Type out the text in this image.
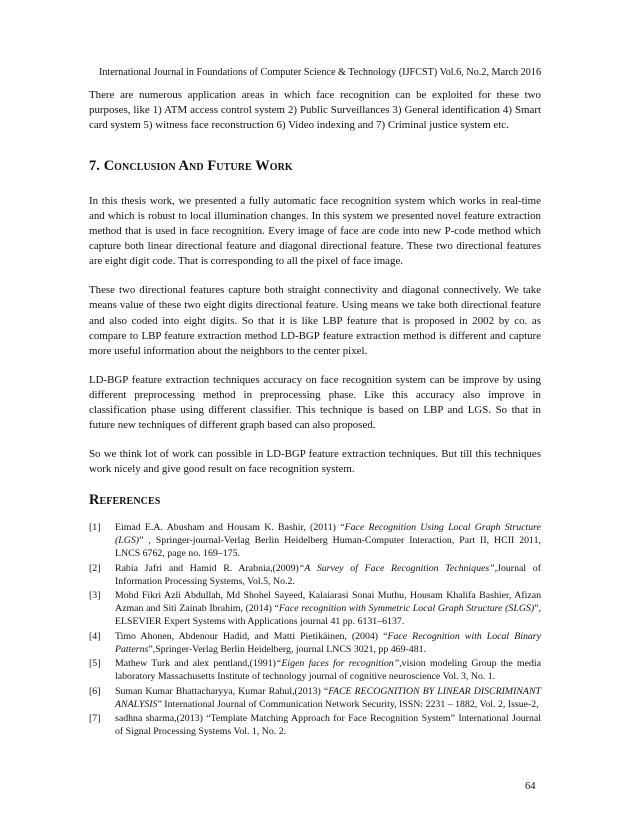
International Journal in Foundations of Computer Science & Technology (IJFCST) Vol.6, No.2, March 2016

There are numerous application areas in which face recognition can be exploited for these two purposes, like 1) ATM access control system 2) Public Surveillances 3) General identification 4) Smart card system 5) witness face reconstruction 6) Video indexing and 7) Criminal justice system etc.

7. Conclusion And Future Work

In this thesis work, we presented a fully automatic face recognition system which works in real-time and which is robust to local illumination changes. In this system we presented novel feature extraction method that is used in face recognition. Every image of face are code into new P-code method which capture both linear directional feature and diagonal directional feature. These two directional features are eight digit code. That is corresponding to all the pixel of face image.

These two directional features capture both straight connectivity and diagonal connectively. We take means value of these two eight digits directional feature. Using means we take both directional feature and also coded into eight digits. So that it is like LBP feature that is proposed in 2002 by co. as compare to LBP feature extraction method LD-BGP feature extraction method is different and capture more useful information about the neighbors to the center pixel.

LD-BGP feature extraction techniques accuracy on face recognition system can be improve by using different preprocessing method in preprocessing phase. Like this accuracy also improve in classification phase using different classifier. This technique is based on LBP and LGS. So that in future new techniques of different graph based can also proposed.

So we think lot of work can possible in LD-BGP feature extraction techniques. But till this techniques work nicely and give good result on face recognition system.

References
[1] Eimad E.A. Abusham and Housam K. Bashir, (2011) “Face Recognition Using Local Graph Structure (LGS)” , Springer-journal-Verlag Berlin Heidelberg Human-Computer Interaction, Part II, HCII 2011, LNCS 6762, page no. 169–175.
[2] Rabia Jafri and Hamid R. Arabnia,(2009)“A Survey of Face Recognition Techniques”,Journal of Information Processing Systems, Vol.5, No.2.
[3] Mohd Fikri Azli Abdullah, Md Shohel Sayeed, Kalaiarasi Sonai Muthu, Housam Khalifa Bashier, Afizan Azman and Siti Zainab Ibrahim, (2014) “Face recognition with Symmetric Local Graph Structure (SLGS)”, ELSEVIER Expert Systems with Applications journal 41 pp. 6131–6137.
[4] Timo Ahonen, Abdenour Hadid, and Matti Pietikäinen, (2004) “Face Recognition with Local Binary Patterns”,Springer-Verlag Berlin Heidelberg, journal LNCS 3021, pp 469-481.
[5] Mathew Turk and alex pentland,(1991)“Eigen faces for recognition”,vision modeling Group the media laboratory Massachusetts Institute of technology journal of cognitive neuroscience Vol. 3, No. 1.
[6] Suman Kumar Bhattacharyya, Kumar Rahul,(2013) “FACE RECOGNITION BY LINEAR DISCRIMINANT ANALYSIS” International Journal of Communication Network Security, ISSN: 2231 – 1882, Vol. 2, Issue-2,
[7] sadhna sharma,(2013) “Template Matching Approach for Face Recognition System” International Journal of Signal Processing Systems Vol. 1, No. 2.
64
